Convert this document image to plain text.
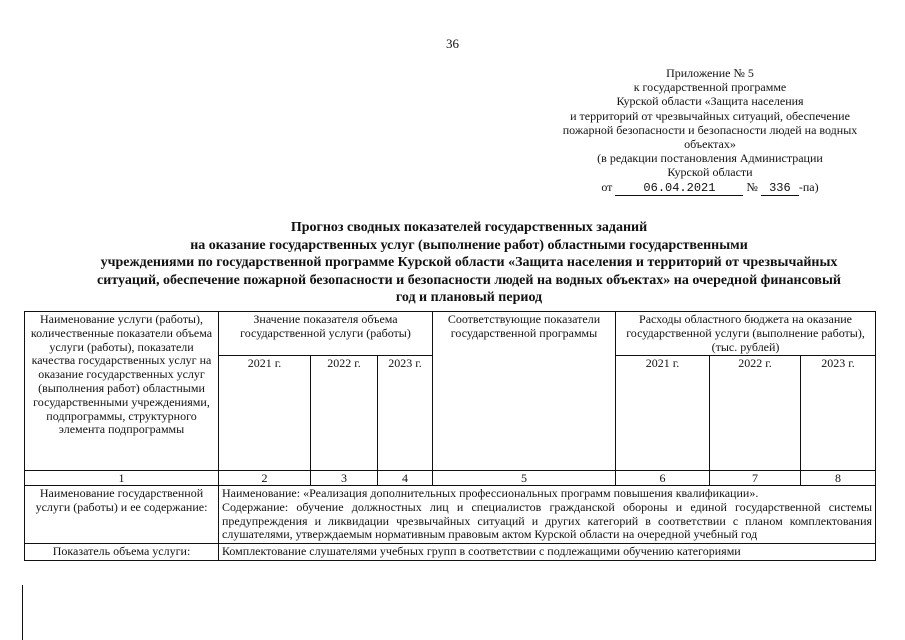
36
Приложение № 5
к государственной программе
Курской области «Защита населения
и территорий от чрезвычайных ситуаций, обеспечение
пожарной безопасности и безопасности людей на водных
объектах»
(в редакции постановления Администрации
Курской области
от	06.04.2021	№ 336 -па)
Прогноз сводных показателей государственных заданий
на оказание государственных услуг (выполнение работ) областными государственными
учреждениями по государственной программе Курской области «Защита населения и территорий от чрезвычайных
ситуаций, обеспечение пожарной безопасности и безопасности людей на водных объектах» на очередной финансовый
год и плановый период
Наименование услуги (работы), количественные показатели объема услуги (работы), показатели качества государственных услуг на оказание государственных услуг (выполнения работ) областными государственными учреждениями, подпрограммы, структурного элемента подпрограммы	Значение показателя объема государственной услуги (работы)			Соответствующие показатели государственной программы	Расходы областного бюджета на оказание государственной услуги (выполнение работы), (тыс. рублей)		
	2021 г.	2022 г.	2023 г.		2021 г.	2022 г.	2023 г.
1	2	3	4	5	6	7	8
Наименование государственной услуги (работы) и ее содержание:	Наименование: «Реализация дополнительных профессиональных программ повышения квалификации».
Содержание: обучение должностных лиц и специалистов гражданской обороны и единой государственной системы предупреждения и ликвидации чрезвычайных ситуаций и других категорий в соответствии с планом комплектования слушателями, утверждаемым нормативным правовым актом Курской области на очередной учебный год						

Показатель объема услуги:	Комплектование слушателями учебных групп в соответствии с подлежащими обучению категориями						
